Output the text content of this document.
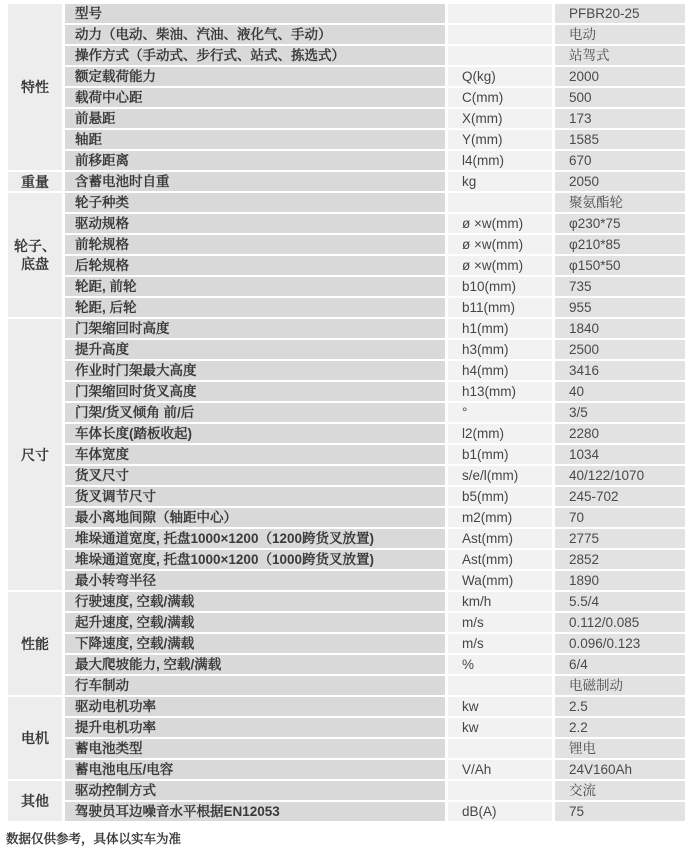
特性	型号		PFBR20-25
	动力（电动、柴油、汽油、液化气、手动）		电动
	操作方式（手动式、步行式、站式、拣选式）		站驾式
	额定载荷能力	Q(kg)	2000
	载荷中心距	C(mm)	500
	前悬距	X(mm)	173
	轴距	Y(mm)	1585
	前移距离	l4(mm)	670
重量	含蓄电池时自重	kg	2050
轮子、底盘	轮子种类		聚氨酯轮
	驱动规格	ø ×w(mm)	φ230*75
	前轮规格	ø ×w(mm)	φ210*85
	后轮规格	ø ×w(mm)	φ150*50
	轮距, 前轮	b10(mm)	735
	轮距, 后轮	b11(mm)	955
尺寸	门架缩回时高度	h1(mm)	1840
	提升高度	h3(mm)	2500
	作业时门架最大高度	h4(mm)	3416
	门架缩回时货叉高度	h13(mm)	40
	门架/货叉倾角 前/后	°	3/5
	车体长度(踏板收起)	l2(mm)	2280
	车体宽度	b1(mm)	1034
	货叉尺寸	s/e/l(mm)	40/122/1070
	货叉调节尺寸	b5(mm)	245-702
	最小离地间隙（轴距中心）	m2(mm)	70
	堆垛通道宽度, 托盘1000×1200（1200跨货叉放置)	Ast(mm)	2775
	堆垛通道宽度, 托盘1000×1200（1000跨货叉放置)	Ast(mm)	2852
	最小转弯半径	Wa(mm)	1890
性能	行驶速度, 空载/满载	km/h	5.5/4
	起升速度, 空载/满载	m/s	0.112/0.085
	下降速度, 空载/满载	m/s	0.096/0.123
	最大爬坡能力, 空载/满载	%	6/4
	行车制动		电磁制动
电机	驱动电机功率	kw	2.5
	提升电机功率	kw	2.2
	蓄电池类型		锂电
	蓄电池电压/电容	V/Ah	24V160Ah
其他	驱动控制方式		交流
	驾驶员耳边噪音水平根据EN12053	dB(A)	75
数据仅供参考，具体以实车为准
